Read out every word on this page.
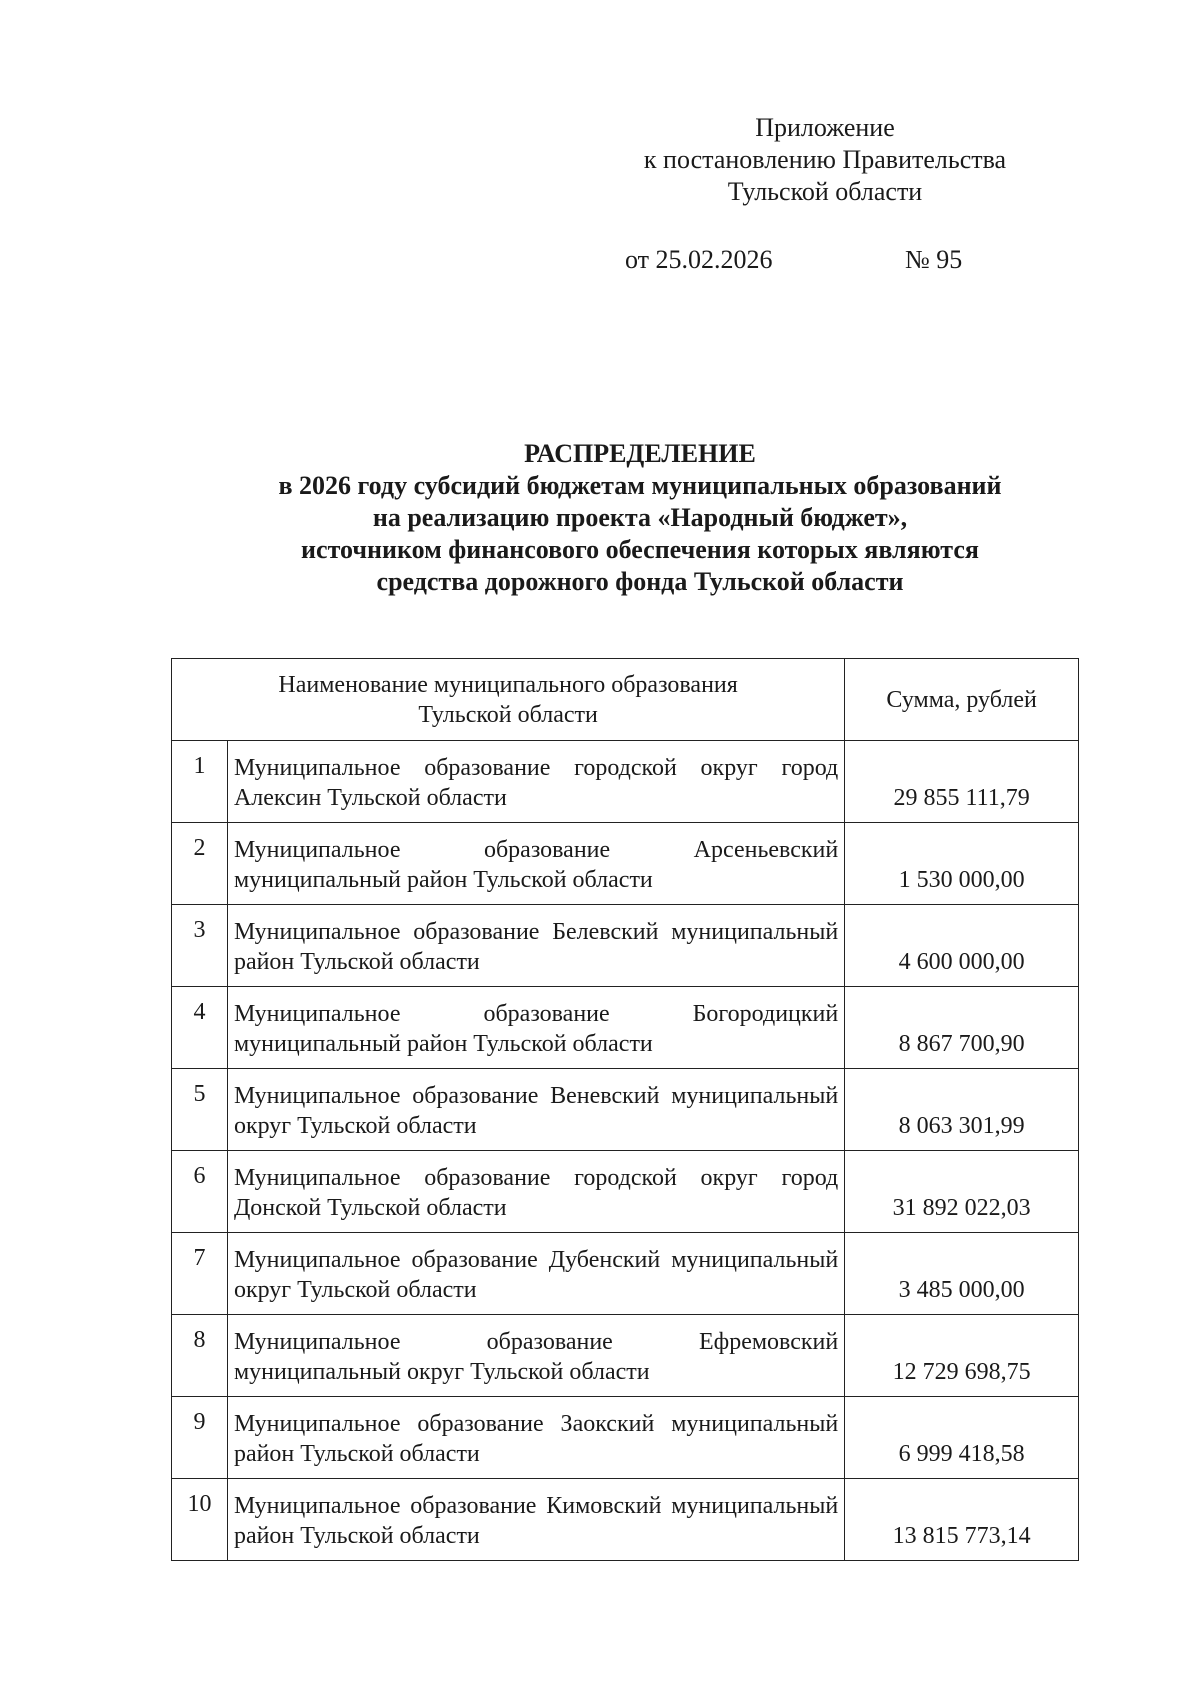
Приложение
к постановлению Правительства
Тульской области
от 25.02.2026	№ 95
РАСПРЕДЕЛЕНИЕ
в 2026 году субсидий бюджетам муниципальных образований
на реализацию проекта «Народный бюджет»,
источником финансового обеспечения которых являются
средства дорожного фонда Тульской области
Наименование муниципального образования
Тульской области		Сумма, рублей
1	Муниципальное образование городской округ город Алексин Тульской области	29 855 111,79
2	Муниципальное образование Арсеньевский муниципальный район Тульской области	1 530 000,00
3	Муниципальное образование Белевский муниципальный район Тульской области	4 600 000,00
4	Муниципальное образование Богородицкий муниципальный район Тульской области	8 867 700,90
5	Муниципальное образование Веневский муниципальный округ Тульской области	8 063 301,99
6	Муниципальное образование городской округ город Донской Тульской области	31 892 022,03
7	Муниципальное образование Дубенский муниципальный округ Тульской области	3 485 000,00
8	Муниципальное образование Ефремовский муниципальный округ Тульской области	12 729 698,75
9	Муниципальное образование Заокский муниципальный район Тульской области	6 999 418,58
10	Муниципальное образование Кимовский муниципальный район Тульской области	13 815 773,14
